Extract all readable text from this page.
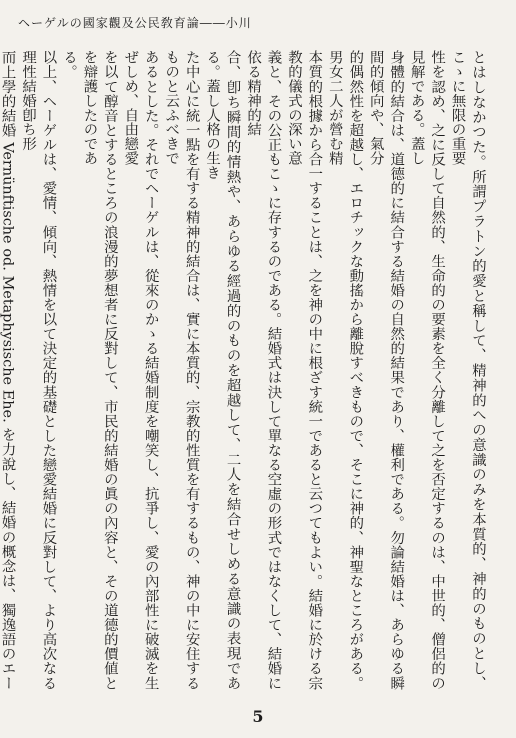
ヘーゲルの國家觀及公民敎育論――小川
とはしなかつた。所謂プラトン的愛と稱して、精神的への意識のみを本質的、神的のものとし、こゝに無限の重要
性を認め、之に反して自然的、生命的の要素を全く分離して之を否定するのは、中世的、僧侶的の見解である。蓋し
身體的結合は、道德的に結合する結婚の自然的結果であり、權利である。勿論結婚は、あらゆる瞬間的傾向や、氣分
的偶然性を超越し、エロチックな動搖から離脫すべきもので、そこに神的、神聖なところがある。男女二人が營む精
本質的根據から合一することは、之を神の中に根ざす統一であると云つてもよい。結婚に於ける宗教的儀式の深い意
義と、その公正もこゝに存するのである。結婚式は決して單なる空虛の形式ではなくして、結婚に依る精神的結
合、卽ち瞬間的情熱や、あらゆる經過的のものを超越して、二人を結合せしめる意識の表現である。蓋し人格の生き
た中心に統一點を有する精神的結合は、實に本質的、宗教的性質を有するもの、神の中に安住するものと云ふべきで
あるとした。それでヘーゲルは、從來のかゝる結婚制度を嘲笑し、抗爭し、愛の內部性に破滅を生ぜしめ、自由戀愛
を以て醇音とするところの浪漫的夢想者に反對して、市民的結婚の眞の內容と、その道德的價値とを辯護したのであ
る。
以上、ヘーゲルは、愛情、傾向、熱情を以て決定的基礎とした戀愛結婚に反對して、より高次なる理性結婚卽ち形
而上學的結婚 Vernünftische od. Metaphysische Ehe. を力說し、結婚の概念は、獨逸語のエー
5
